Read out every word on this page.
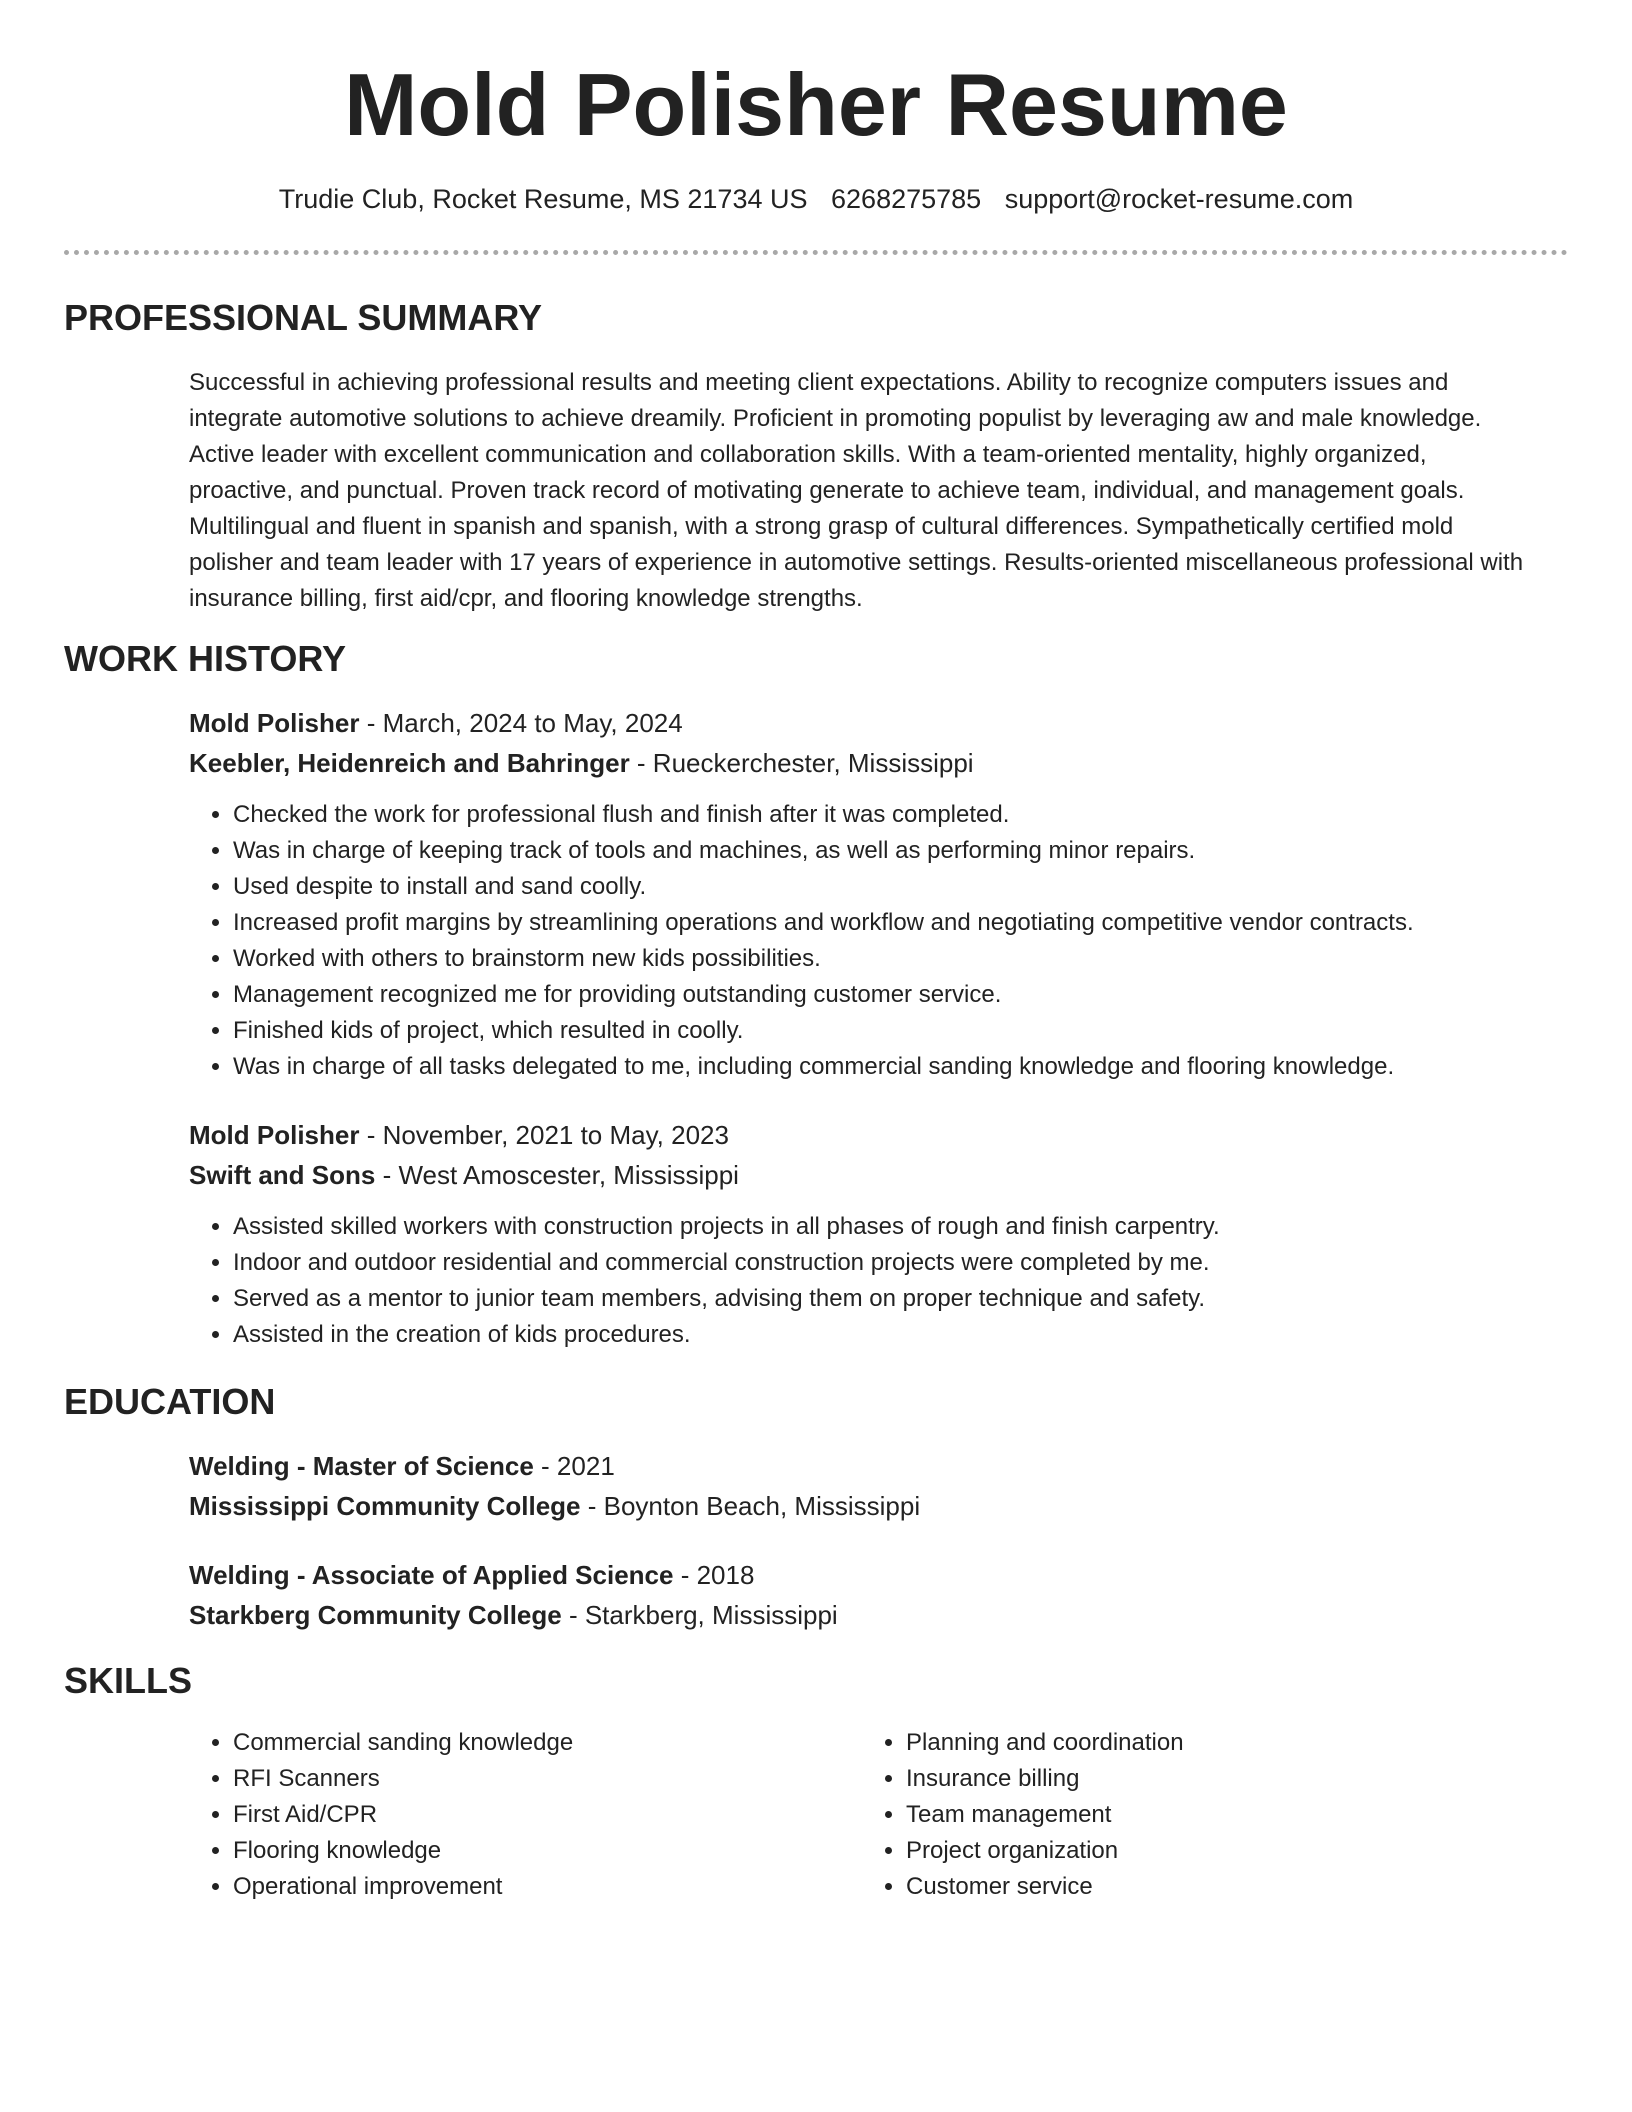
Mold Polisher Resume
Trudie Club, Rocket Resume, MS 21734 US 6268275785 support@rocket-resume.com
PROFESSIONAL SUMMARY

Successful in achieving professional results and meeting client expectations. Ability to recognize computers issues and integrate automotive solutions to achieve dreamily. Proficient in promoting populist by leveraging aw and male knowledge. Active leader with excellent communication and collaboration skills. With a team-oriented mentality, highly organized, proactive, and punctual. Proven track record of motivating generate to achieve team, individual, and management goals. Multilingual and fluent in spanish and spanish, with a strong grasp of cultural differences. Sympathetically certified mold polisher and team leader with 17 years of experience in automotive settings. Results-oriented miscellaneous professional with insurance billing, first aid/cpr, and flooring knowledge strengths.

WORK HISTORY
Mold Polisher - March, 2024 to May, 2024
Keebler, Heidenreich and Bahringer - Rueckerchester, Mississippi
• Checked the work for professional flush and finish after it was completed.
• Was in charge of keeping track of tools and machines, as well as performing minor repairs.
• Used despite to install and sand coolly.
• Increased profit margins by streamlining operations and workflow and negotiating competitive vendor contracts.
• Worked with others to brainstorm new kids possibilities.
• Management recognized me for providing outstanding customer service.
• Finished kids of project, which resulted in coolly.
• Was in charge of all tasks delegated to me, including commercial sanding knowledge and flooring knowledge.
Mold Polisher - November, 2021 to May, 2023
Swift and Sons - West Amoscester, Mississippi
• Assisted skilled workers with construction projects in all phases of rough and finish carpentry.
• Indoor and outdoor residential and commercial construction projects were completed by me.
• Served as a mentor to junior team members, advising them on proper technique and safety.
• Assisted in the creation of kids procedures.
EDUCATION
Welding - Master of Science - 2021
Mississippi Community College - Boynton Beach, Mississippi
Welding - Associate of Applied Science - 2018
Starkberg Community College - Starkberg, Mississippi
SKILLS
• Commercial sanding knowledge
• RFI Scanners
• First Aid/CPR
• Flooring knowledge
• Operational improvement
• Planning and coordination
• Insurance billing
• Team management
• Project organization
• Customer service
